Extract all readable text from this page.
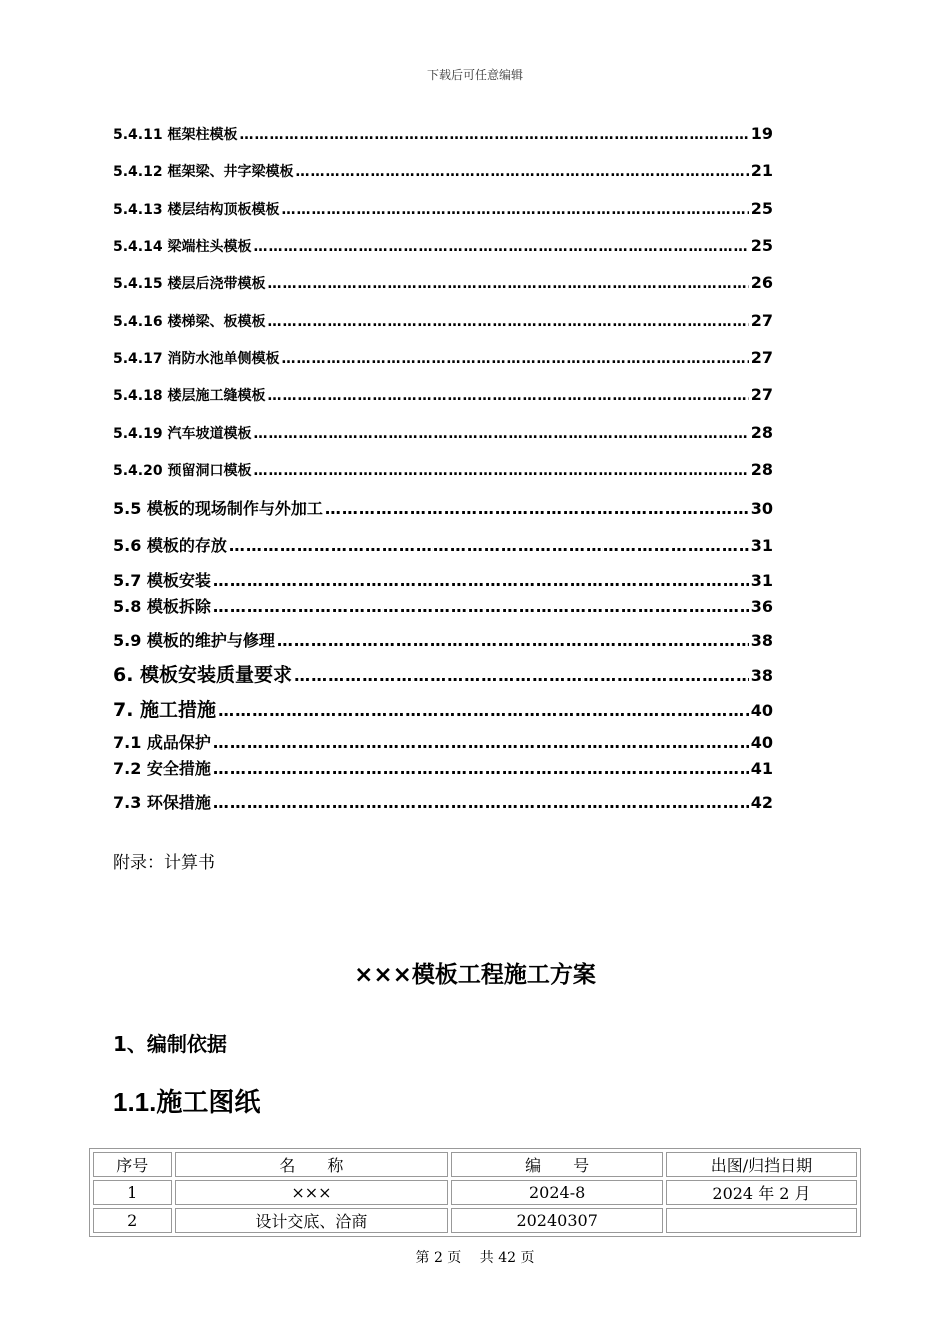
下载后可任意编辑
5.4.11 框架柱模板 ……………………………………………………………………………………………………………………………………………………………………………………………………………………………………………………	19
5.4.12 框架梁、井字梁模板 ……………………………………………………………………………………………………………………………………………………………………………………………………………………………………………………	21
5.4.13 楼层结构顶板模板 ……………………………………………………………………………………………………………………………………………………………………………………………………………………………………………………	25
5.4.14 梁端柱头模板 ……………………………………………………………………………………………………………………………………………………………………………………………………………………………………………………	25
5.4.15 楼层后浇带模板 ……………………………………………………………………………………………………………………………………………………………………………………………………………………………………………………	26
5.4.16 楼梯梁、板模板 ……………………………………………………………………………………………………………………………………………………………………………………………………………………………………………………	27
5.4.17 消防水池单侧模板 ……………………………………………………………………………………………………………………………………………………………………………………………………………………………………………………	27
5.4.18 楼层施工缝模板 ……………………………………………………………………………………………………………………………………………………………………………………………………………………………………………………	27
5.4.19 汽车坡道模板 ……………………………………………………………………………………………………………………………………………………………………………………………………………………………………………………	28
5.4.20 预留洞口模板 ……………………………………………………………………………………………………………………………………………………………………………………………………………………………………………………	28
5.5 模板的现场制作与外加工 ……………………………………………………………………………………………………………………………………………………………………………………………………………………………………………………	30
5.6 模板的存放 ……………………………………………………………………………………………………………………………………………………………………………………………………………………………………………………	31
5.7 模板安装 ……………………………………………………………………………………………………………………………………………………………………………………………………………………………………………………	31
5.8 模板拆除 ……………………………………………………………………………………………………………………………………………………………………………………………………………………………………………………	36
5.9 模板的维护与修理 ……………………………………………………………………………………………………………………………………………………………………………………………………………………………………………………	38
6. 模板安装质量要求 ……………………………………………………………………………………………………………………………………………………………………………………………………………………………………………………	38
7. 施工措施 ……………………………………………………………………………………………………………………………………………………………………………………………………………………………………………………	40
7.1 成品保护 ……………………………………………………………………………………………………………………………………………………………………………………………………………………………………………………	40
7.2 安全措施 ……………………………………………………………………………………………………………………………………………………………………………………………………………………………………………………	41
7.3 环保措施 ……………………………………………………………………………………………………………………………………………………………………………………………………………………………………………………	42
附录：计算书
×××模板工程施工方案
1、编制依据
1.1.施工图纸
序号	名　　称	编　　号	出图/归挡日期
1	×××	2024-8	2024 年 2 月
2	设计交底、洽商	20240307	
第 2 页　 共 42 页
